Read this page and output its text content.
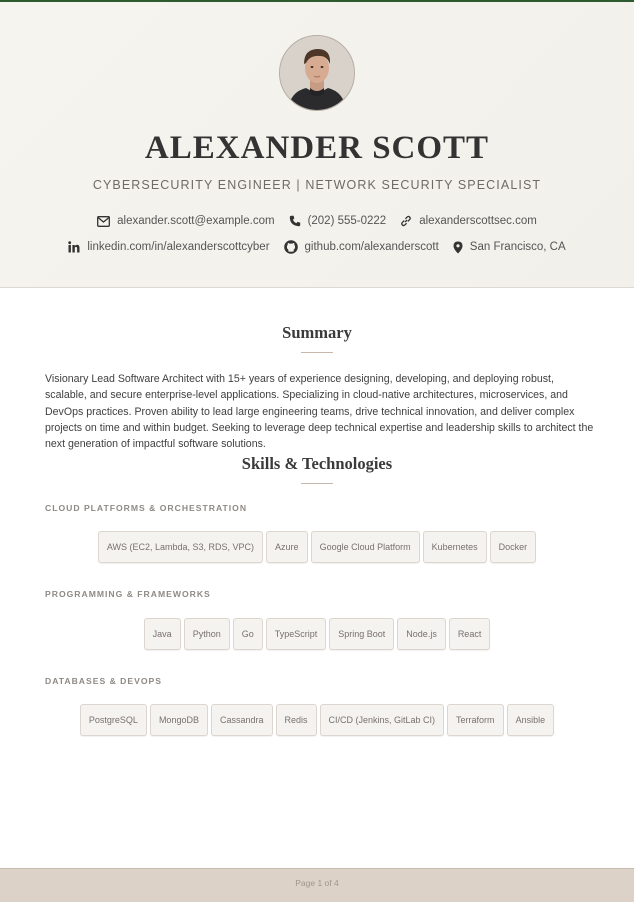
ALEXANDER SCOTT
CYBERSECURITY ENGINEER | NETWORK SECURITY SPECIALIST
alexander.scott@example.com	(202) 555-0222	alexanderscottsec.com
linkedin.com/in/alexanderscottcyber	github.com/alexanderscott	San Francisco, CA
Summary
Visionary Lead Software Architect with 15+ years of experience designing, developing, and deploying robust, scalable, and secure enterprise-level applications. Specializing in cloud-native architectures, microservices, and DevOps practices. Proven ability to lead large engineering teams, drive technical innovation, and deliver complex projects on time and within budget. Seeking to leverage deep technical expertise and leadership skills to architect the next generation of impactful software solutions.
Skills & Technologies
CLOUD PLATFORMS & ORCHESTRATION
AWS (EC2, Lambda, S3, RDS, VPC)	Azure	Google Cloud Platform	Kubernetes	Docker
PROGRAMMING & FRAMEWORKS
Java	Python	Go	TypeScript	Spring Boot	Node.js	React
DATABASES & DEVOPS
PostgreSQL	MongoDB	Cassandra	Redis	CI/CD (Jenkins, GitLab CI)	Terraform	Ansible
Page 1 of 4
